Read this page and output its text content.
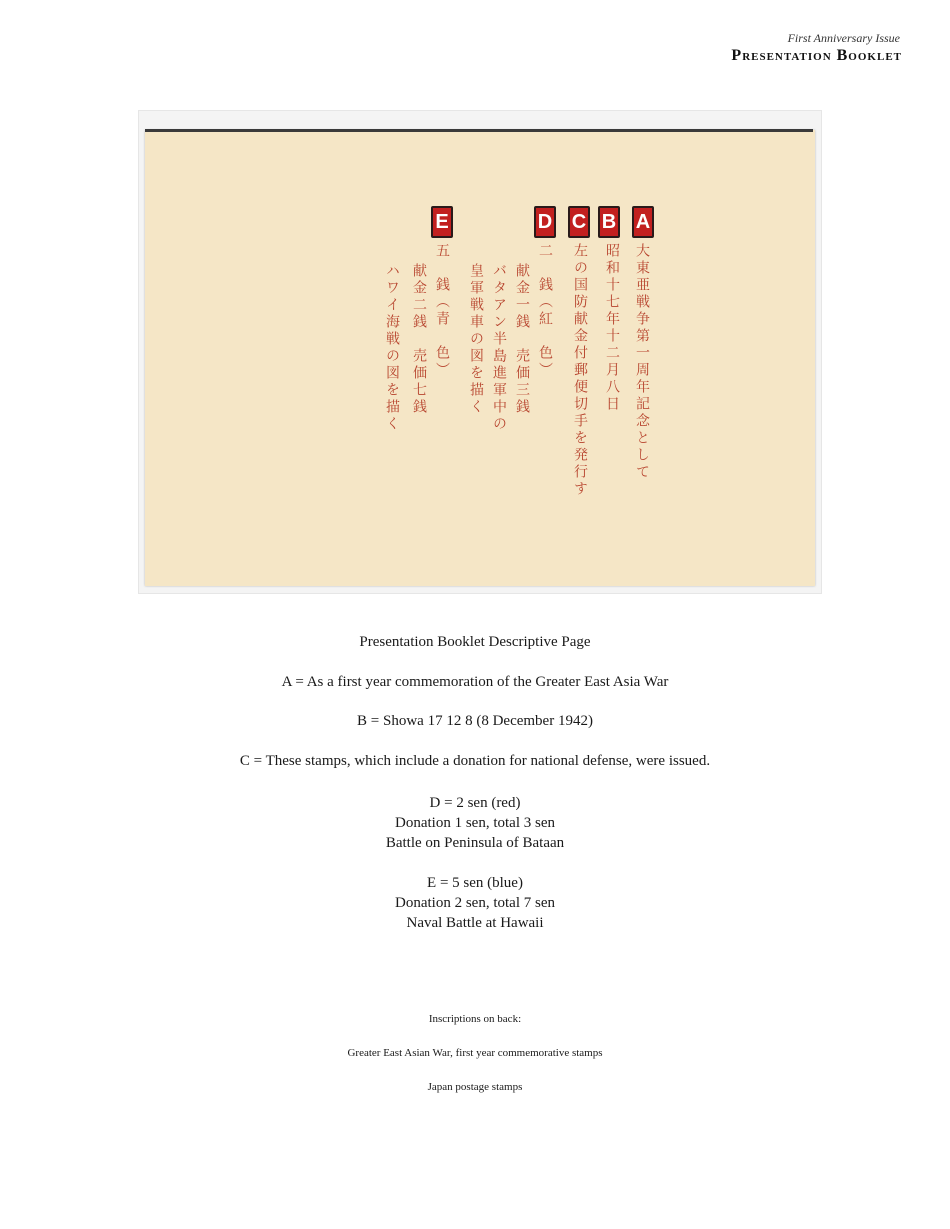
First Anniversary Issue
Presentation Booklet
A
B
C
D
E
大東亜戦争第一周年記念として
昭和十七年十二月八日
左の国防献金付郵便切手を発行す
二　銭（紅　色）
献金一銭　売価三銭
バタアン半島進軍中の
皇軍戦車の図を描く
五　銭（青　色）
献金二銭　売価七銭
ハワイ海戦の図を描く
Presentation Booklet Descriptive Page
A = As a first year commemoration of the Greater East Asia War
B = Showa 17 12 8 (8 December 1942)
C = These stamps, which include a donation for national defense, were issued.
D = 2 sen (red)
Donation 1 sen, total 3 sen
Battle on Peninsula of Bataan
E = 5 sen (blue)
Donation 2 sen, total 7 sen
Naval Battle at Hawaii
Inscriptions on back:
Greater East Asian War, first year commemorative stamps
Japan postage stamps
